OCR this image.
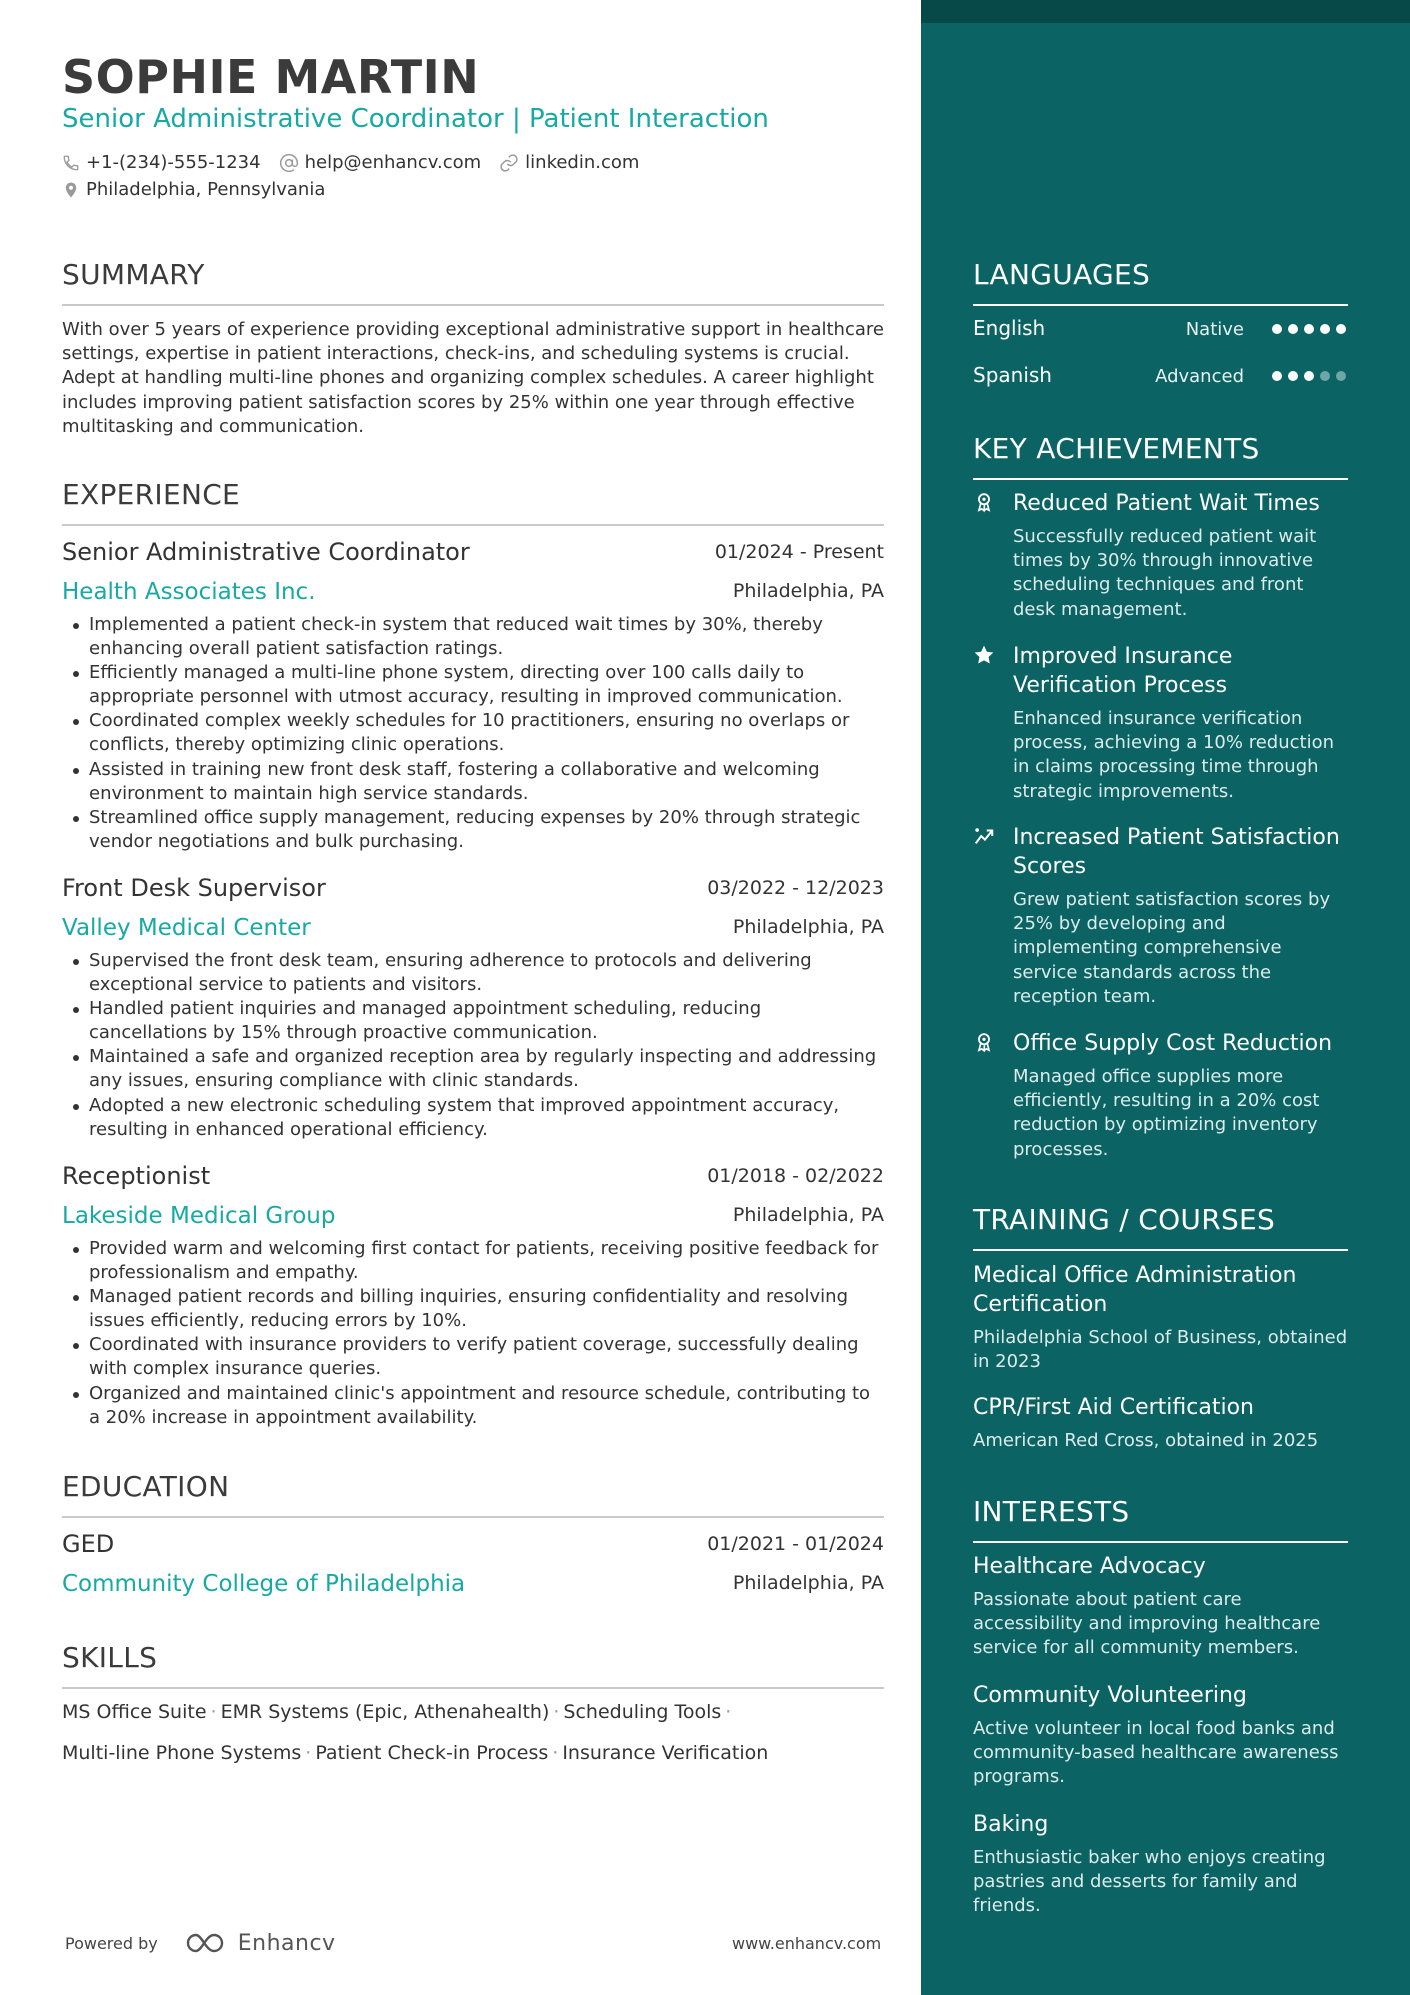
SOPHIE MARTIN
Senior Administrative Coordinator | Patient Interaction
+1-(234)-555-1234 help@enhancv.com linkedin.com
Philadelphia, Pennsylvania
SUMMARY
With over 5 years of experience providing exceptional administrative support in healthcare settings, expertise in patient interactions, check-ins, and scheduling systems is crucial. Adept at handling multi-line phones and organizing complex schedules. A career highlight includes improving patient satisfaction scores by 25% within one year through effective multitasking and communication.
EXPERIENCE
Senior Administrative Coordinator	01/2024 - Present
Health Associates Inc.	Philadelphia, PA
Implemented a patient check-in system that reduced wait times by 30%, thereby enhancing overall patient satisfaction ratings.
Efficiently managed a multi-line phone system, directing over 100 calls daily to appropriate personnel with utmost accuracy, resulting in improved communication.
Coordinated complex weekly schedules for 10 practitioners, ensuring no overlaps or conflicts, thereby optimizing clinic operations.
Assisted in training new front desk staff, fostering a collaborative and welcoming environment to maintain high service standards.
Streamlined office supply management, reducing expenses by 20% through strategic vendor negotiations and bulk purchasing.
Front Desk Supervisor	03/2022 - 12/2023
Valley Medical Center	Philadelphia, PA
Supervised the front desk team, ensuring adherence to protocols and delivering exceptional service to patients and visitors.
Handled patient inquiries and managed appointment scheduling, reducing cancellations by 15% through proactive communication.
Maintained a safe and organized reception area by regularly inspecting and addressing any issues, ensuring compliance with clinic standards.
Adopted a new electronic scheduling system that improved appointment accuracy, resulting in enhanced operational efficiency.
Receptionist	01/2018 - 02/2022
Lakeside Medical Group	Philadelphia, PA
Provided warm and welcoming first contact for patients, receiving positive feedback for professionalism and empathy.
Managed patient records and billing inquiries, ensuring confidentiality and resolving issues efficiently, reducing errors by 10%.
Coordinated with insurance providers to verify patient coverage, successfully dealing with complex insurance queries.
Organized and maintained clinic's appointment and resource schedule, contributing to a 20% increase in appointment availability.
EDUCATION
GED	01/2021 - 01/2024
Community College of Philadelphia	Philadelphia, PA
SKILLS
MS Office Suite · EMR Systems (Epic, Athenahealth) · Scheduling Tools ·
Multi-line Phone Systems · Patient Check-in Process · Insurance Verification
Powered by	Enhancv	www.enhancv.com
LANGUAGES
English	Native
Spanish	Advanced
KEY ACHIEVEMENTS
Reduced Patient Wait Times
Successfully reduced patient wait times by 30% through innovative scheduling techniques and front desk management.
Improved Insurance Verification Process
Enhanced insurance verification process, achieving a 10% reduction in claims processing time through strategic improvements.
Increased Patient Satisfaction Scores
Grew patient satisfaction scores by 25% by developing and implementing comprehensive service standards across the reception team.
Office Supply Cost Reduction
Managed office supplies more efficiently, resulting in a 20% cost reduction by optimizing inventory processes.
TRAINING / COURSES
Medical Office Administration Certification
Philadelphia School of Business, obtained in 2023
CPR/First Aid Certification
American Red Cross, obtained in 2025
INTERESTS
Healthcare Advocacy
Passionate about patient care accessibility and improving healthcare service for all community members.
Community Volunteering
Active volunteer in local food banks and community-based healthcare awareness programs.
Baking
Enthusiastic baker who enjoys creating pastries and desserts for family and friends.
